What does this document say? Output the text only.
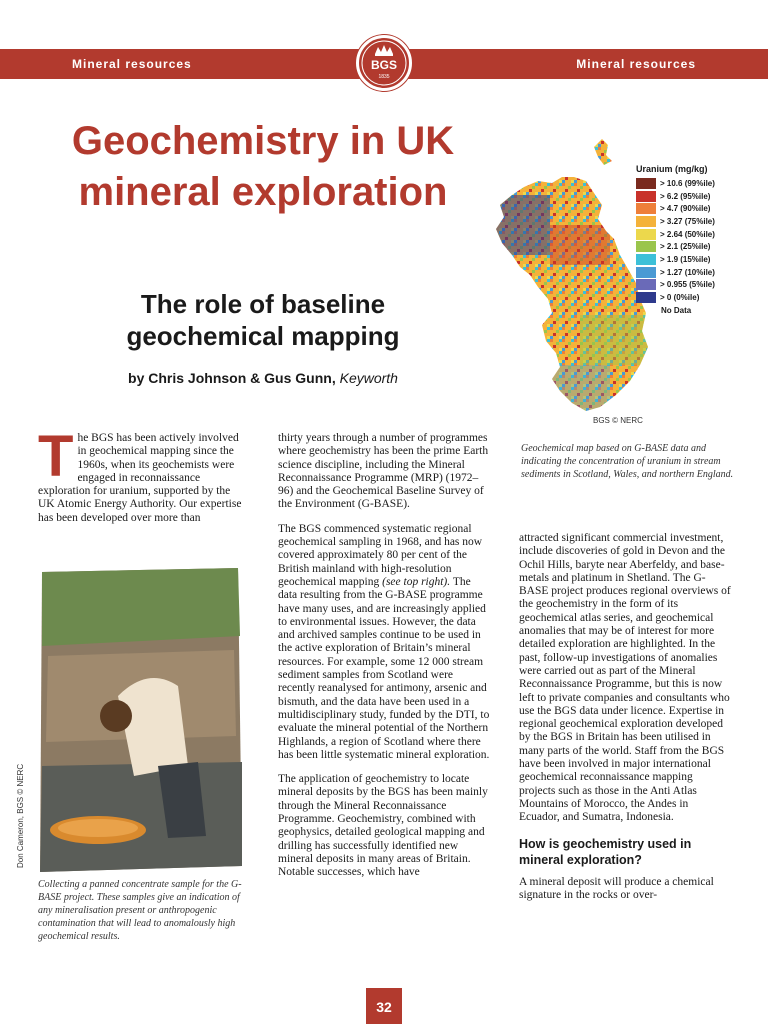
Mineral resources	Mineral resources
BGS
1835
Geochemistry in UK mineral exploration
The role of baseline geochemical mapping
by Chris Johnson & Gus Gunn, Keyworth
Uranium (mg/kg)
> 10.6 (99%ile)
> 6.2 (95%ile)
> 4.7 (90%ile)
> 3.27 (75%ile)
> 2.64 (50%ile)
> 2.1 (25%ile)
> 1.9 (15%ile)
> 1.27 (10%ile)
> 0.955 (5%ile)
> 0 (0%ile)
No Data
BGS © NERC
Geochemical map based on G-BASE data and indicating the concentration of uranium in stream sediments in Scotland, Wales, and northern England.

The BGS has been actively involved in geochemical mapping since the 1960s, when its geochemists were engaged in reconnaissance exploration for uranium, supported by the UK Atomic Energy Authority. Our expertise has been developed over more than

Don Cameron, BGS © NERC
Collecting a panned concentrate sample for the G-BASE project. These samples give an indication of any mineralisation present or anthropogenic contamination that will lead to anomalously high geochemical results.

thirty years through a number of programmes where geochemistry has been the prime Earth science discipline, including the Mineral Reconnaissance Programme (MRP) (1972–96) and the Geochemical Baseline Survey of the Environment (G-BASE).

The BGS commenced systematic regional geochemical sampling in 1968, and has now covered approximately 80 per cent of the British mainland with high-resolution geochemical mapping (see top right). The data resulting from the G-BASE programme have many uses, and are increasingly applied to environmental issues. However, the data and archived samples continue to be used in the active exploration of Britain’s mineral resources. For example, some 12 000 stream sediment samples from Scotland were recently reanalysed for antimony, arsenic and bismuth, and the data have been used in a multidisciplinary study, funded by the DTI, to evaluate the mineral potential of the Northern Highlands, a region of Scotland where there has been little systematic mineral exploration.

The application of geochemistry to locate mineral deposits by the BGS has been mainly through the Mineral Reconnaissance Programme. Geochemistry, combined with geophysics, detailed geological mapping and drilling has successfully identified new mineral deposits in many areas of Britain. Notable successes, which have

attracted significant commercial investment, include discoveries of gold in Devon and the Ochil Hills, baryte near Aberfeldy, and base-metals and platinum in Shetland. The G-BASE project produces regional overviews of the geochemistry in the form of its geochemical atlas series, and geochemical anomalies that may be of interest for more detailed exploration are highlighted. In the past, follow-up investigations of anomalies were carried out as part of the Mineral Reconnaissance Programme, but this is now left to private companies and consultants who use the BGS data under licence. Expertise in regional geochemical exploration developed by the BGS in Britain has been utilised in many parts of the world. Staff from the BGS have been involved in major international geochemical reconnaissance mapping projects such as those in the Anti Atlas Mountains of Morocco, the Andes in Ecuador, and Sumatra, Indonesia.

How is geochemistry used in mineral exploration?

A mineral deposit will produce a chemical signature in the rocks or over-

32
